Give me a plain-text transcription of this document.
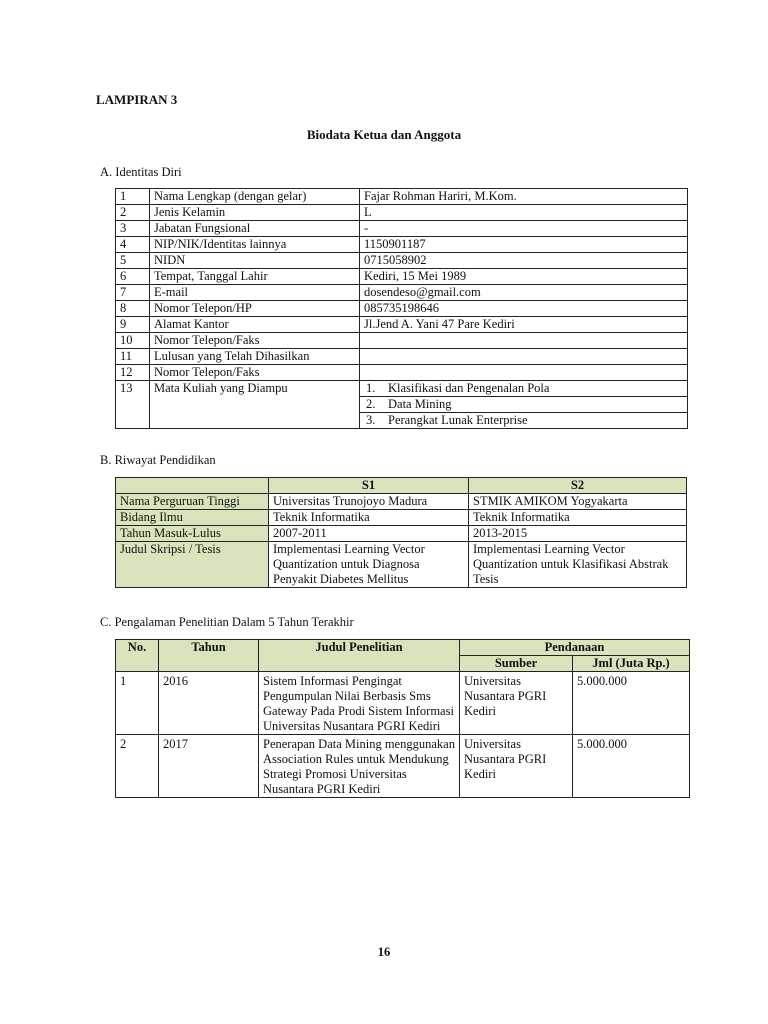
LAMPIRAN 3
Biodata Ketua dan Anggota
A. Identitas Diri
1	Nama Lengkap (dengan gelar)	Fajar Rohman Hariri, M.Kom.
2	Jenis Kelamin	L
3	Jabatan Fungsional	-
4	NIP/NIK/Identitas lainnya	1150901187
5	NIDN	0715058902
6	Tempat, Tanggal Lahir	Kediri, 15 Mei 1989
7	E-mail	dosendeso@gmail.com
8	Nomor Telepon/HP	085735198646
9	Alamat Kantor	Jl.Jend A. Yani 47 Pare Kediri
10	Nomor Telepon/Faks	
11	Lulusan yang Telah Dihasilkan	
12	Nomor Telepon/Faks	
13	Mata Kuliah yang Diampu		1. Klasifikasi dan Pengenalan Pola
2. Data Mining
3. Perangkat Lunak Enterprise
B. Riwayat Pendidikan
	S1	S2
Nama Perguruan Tinggi	Universitas Trunojoyo Madura	STMIK AMIKOM Yogyakarta
Bidang Ilmu	Teknik Informatika	Teknik Informatika
Tahun Masuk-Lulus	2007-2011	2013-2015
Judul Skripsi / Tesis	Implementasi Learning Vector Quantization untuk Diagnosa Penyakit Diabetes Mellitus	Implementasi Learning Vector Quantization untuk Klasifikasi Abstrak Tesis
C. Pengalaman Penelitian Dalam 5 Tahun Terakhir
No.	Tahun	Judul Penelitian	Pendanaan	
			Sumber	Jml (Juta Rp.)
1	2016	Sistem Informasi Pengingat Pengumpulan Nilai Berbasis Sms Gateway Pada Prodi Sistem Informasi Universitas Nusantara PGRI Kediri	Universitas Nusantara PGRI Kediri	5.000.000
2	2017	Penerapan Data Mining menggunakan Association Rules untuk Mendukung Strategi Promosi Universitas Nusantara PGRI Kediri	Universitas Nusantara PGRI Kediri	5.000.000
16
